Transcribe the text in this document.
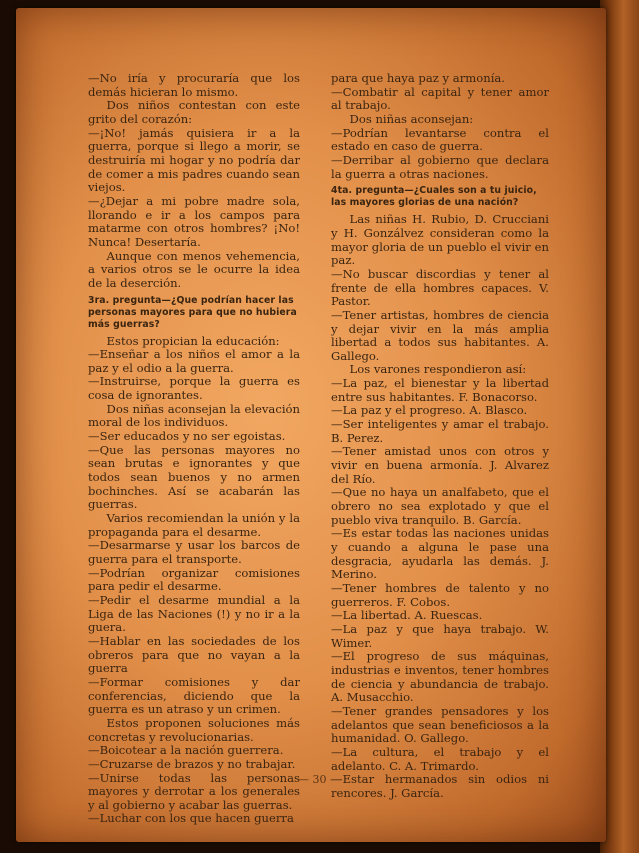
—No iría y procuraría que los demás hicieran lo mismo.

Dos niños contestan con este grito del corazón:

—¡No! jamás quisiera ir a la guerra, porque si llego a morir, se destruiría mi hogar y no podría dar de comer a mis padres cuando sean viejos.

—¿Dejar a mi pobre madre sola, llorando e ir a los campos para matarme con otros hombres? ¡No! Nunca! Desertaría.

Aunque con menos vehemencia, a varios otros se le ocurre la idea de la deserción.

3ra. pregunta—¿Que podrían hacer las personas mayores para que no hubiera más guerras?

Estos propician la educación:

—Enseñar a los niños el amor a la paz y el odio a la guerra.

—Instruirse, porque la guerra es cosa de ignorantes.

Dos niñas aconsejan la elevación moral de los individuos.

—Ser educados y no ser egoistas.

—Que las personas mayores no sean brutas e ignorantes y que todos sean buenos y no armen bochinches. Así se acabarán las guerras.

Varios recomiendan la unión y la propaganda para el desarme.

—Desarmarse y usar los barcos de guerra para el transporte.

—Podrían organizar comisiones para pedir el desarme.

—Pedir el desarme mundial a la Liga de las Naciones (!) y no ir a la guera.

—Hablar en las sociedades de los obreros para que no vayan a la guerra

—Formar comisiones y dar conferencias, diciendo que la guerra es un atraso y un crimen.

Estos proponen soluciones más concretas y revolucionarias.

—Boicotear a la nación guerrera.

—Cruzarse de brazos y no trabajar.

—Unirse todas las personas mayores y derrotar a los generales y al gobierno y acabar las guerras.

—Luchar con los que hacen guerra

para que haya paz y armonía.

—Combatir al capital y tener amor al trabajo.

Dos niñas aconsejan:

—Podrían levantarse contra el estado en caso de guerra.

—Derribar al gobierno que declara la guerra a otras naciones.

4ta. pregunta—¿Cuales son a tu juicio, las mayores glorias de una nación?

Las niñas H. Rubio, D. Crucciani y H. Gonzálvez consideran como la mayor gloria de un pueblo el vivir en paz.

—No buscar discordias y tener al frente de ella hombres capaces. V. Pastor.

—Tener artistas, hombres de ciencia y dejar vivir en la más amplia libertad a todos sus habitantes. A. Gallego.

Los varones respondieron así:

—La paz, el bienestar y la libertad entre sus habitantes. F. Bonacorso.

—La paz y el progreso. A. Blasco.

—Ser inteligentes y amar el trabajo. B. Perez.

—Tener amistad unos con otros y vivir en buena armonía. J. Alvarez del Río.

—Que no haya un analfabeto, que el obrero no sea explotado y que el pueblo viva tranquilo. B. García.

—Es estar todas las naciones unidas y cuando a alguna le pase una desgracia, ayudarla las demás. J. Merino.

—Tener hombres de talento y no guerreros. F. Cobos.

—La libertad. A. Ruescas.

—La paz y que haya trabajo. W. Wimer.

—El progreso de sus máquinas, industrias e inventos, tener hombres de ciencia y abundancia de trabajo. A. Musacchio.

—Tener grandes pensadores y los adelantos que sean beneficiosos a la humanidad. O. Gallego.

—La cultura, el trabajo y el adelanto. C. A. Trimardo.

—Estar hermanados sin odios ni rencores. J. García.

— 30 —
